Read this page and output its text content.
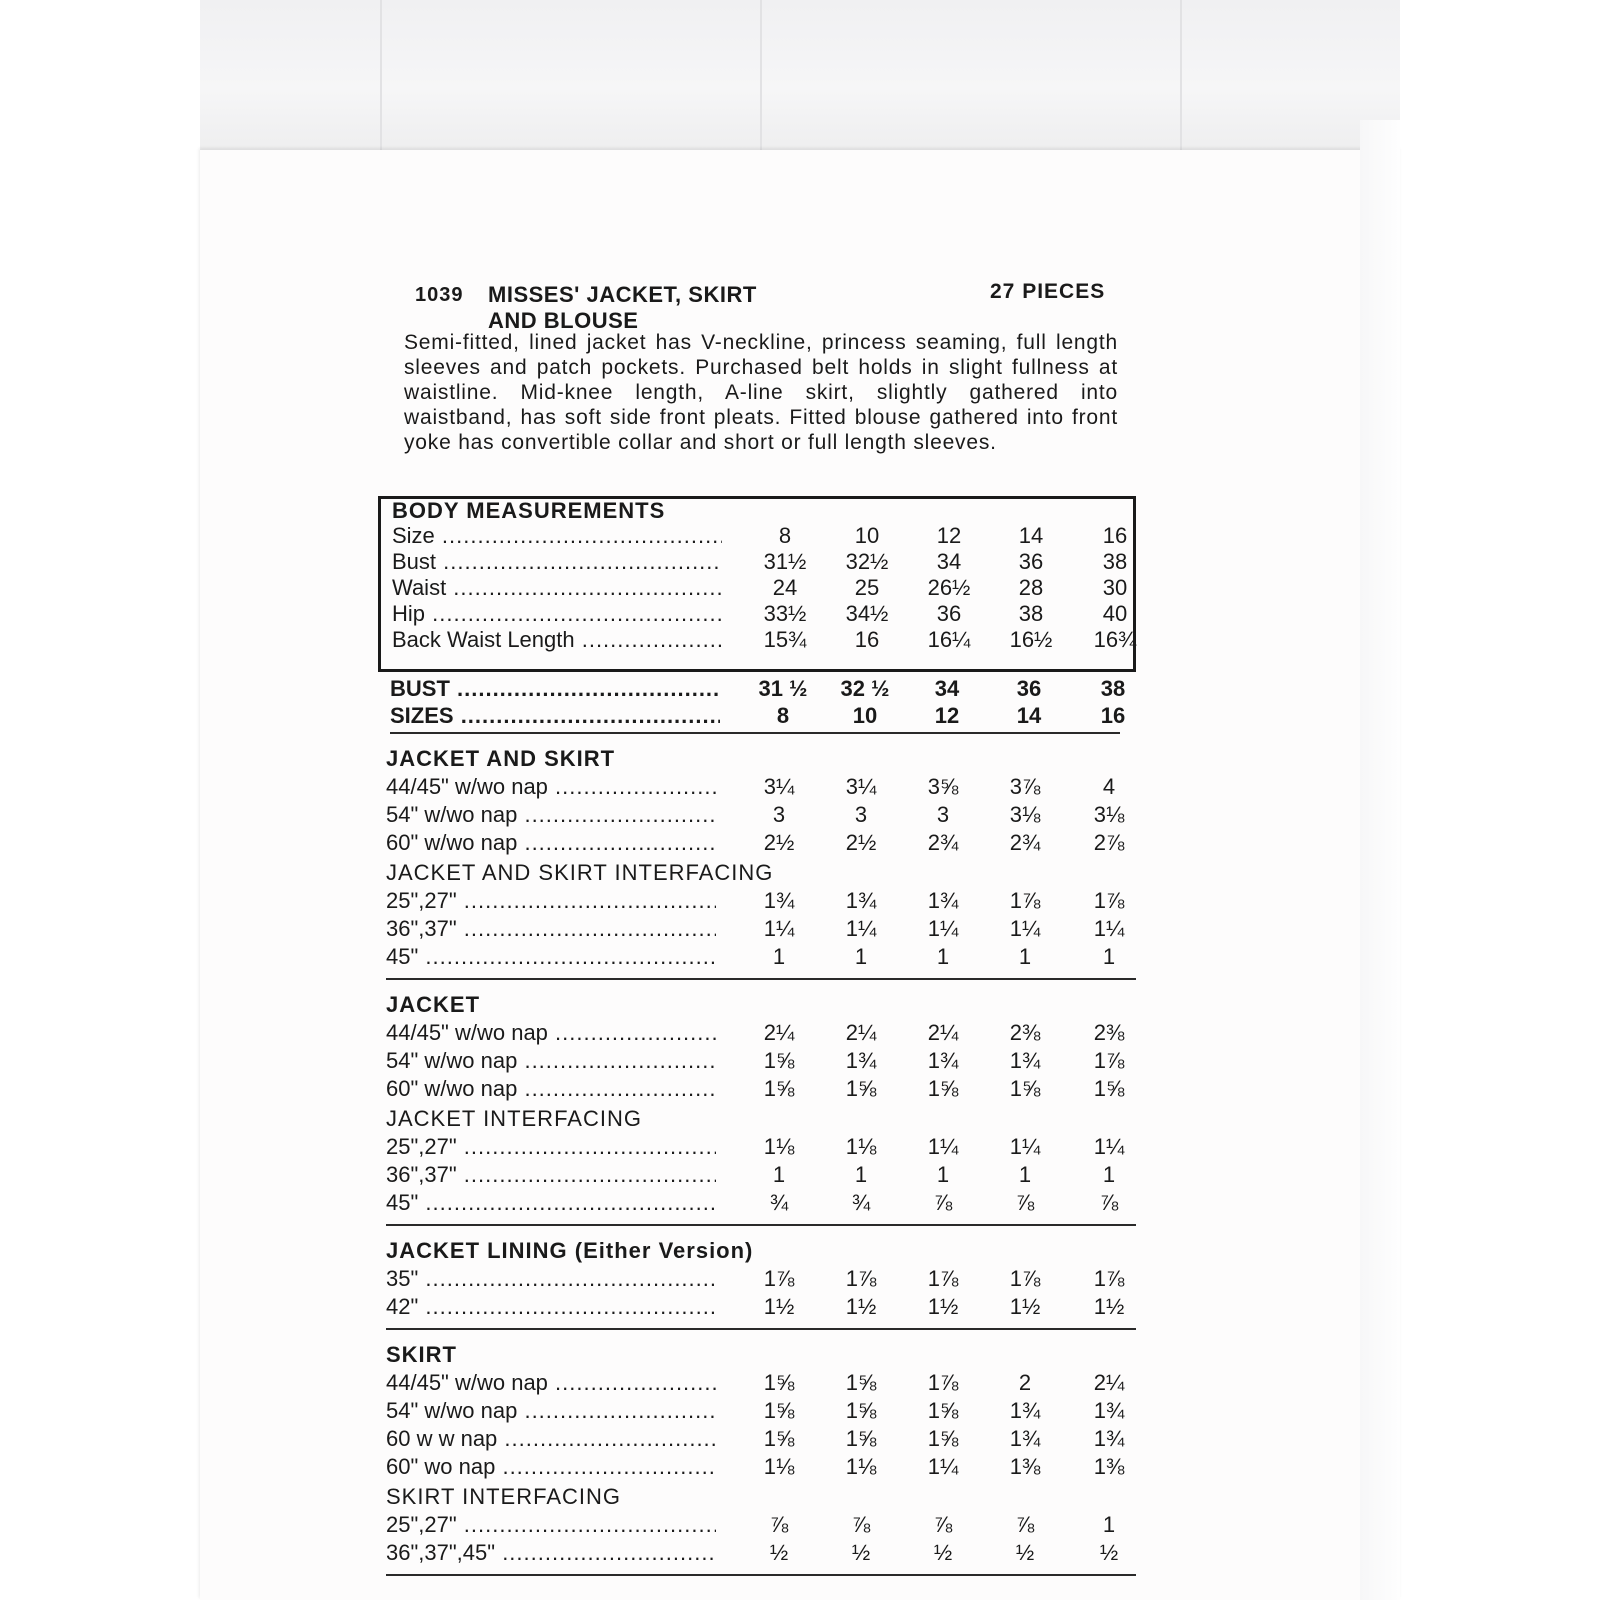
1039 MISSES' JACKET, SKIRT
AND BLOUSE
27 PIECES

Semi-fitted, lined jacket has V-neckline, princess seaming, full length sleeves and patch pockets. Purchased belt holds in slight fullness at waistline. Mid-knee length, A-line skirt, slightly gathered into waistband, has soft side front pleats. Fitted blouse gathered into front yoke has convertible collar and short or full length sleeves.

BODY MEASUREMENTS
Size .....	8	10	12	14	16
Bust .....	31½	32½	34	36	38
Waist .....	24	25	26½	28	30
Hip .....	33½	34½	36	38	40
Back Waist Length .....	15¾	16	16¼	16½	16¾
BUST .....	31 ½	32 ½	34	36	38
SIZES .....	8	10	12	14	16
JACKET AND SKIRT
44/45" w/wo nap .....	3¼	3¼	3⅝	3⅞	4
54" w/wo nap .....	3	3	3	3⅛	3⅛
60" w/wo nap .....	2½	2½	2¾	2¾	2⅞
JACKET AND SKIRT INTERFACING
25",27" .....	1¾	1¾	1¾	1⅞	1⅞
36",37" .....	1¼	1¼	1¼	1¼	1¼
45" .....	1	1	1	1	1
JACKET
44/45" w/wo nap .....	2¼	2¼	2¼	2⅜	2⅜
54" w/wo nap .....	1⅝	1¾	1¾	1¾	1⅞
60" w/wo nap .....	1⅝	1⅝	1⅝	1⅝	1⅝
JACKET INTERFACING
25",27" .....	1⅛	1⅛	1¼	1¼	1¼
36",37" .....	1	1	1	1	1
45" .....	¾	¾	⅞	⅞	⅞
JACKET LINING (Either Version)
35" .....	1⅞	1⅞	1⅞	1⅞	1⅞
42" .....	1½	1½	1½	1½	1½
SKIRT
44/45" w/wo nap .....	1⅝	1⅝	1⅞	2	2¼
54" w/wo nap .....	1⅝	1⅝	1⅝	1¾	1¾
60 w w nap .....	1⅝	1⅝	1⅝	1¾	1¾
60" wo nap .....	1⅛	1⅛	1¼	1⅜	1⅜
SKIRT INTERFACING
25",27" .....	⅞	⅞	⅞	⅞	1
36",37",45" .....	½	½	½	½	½
